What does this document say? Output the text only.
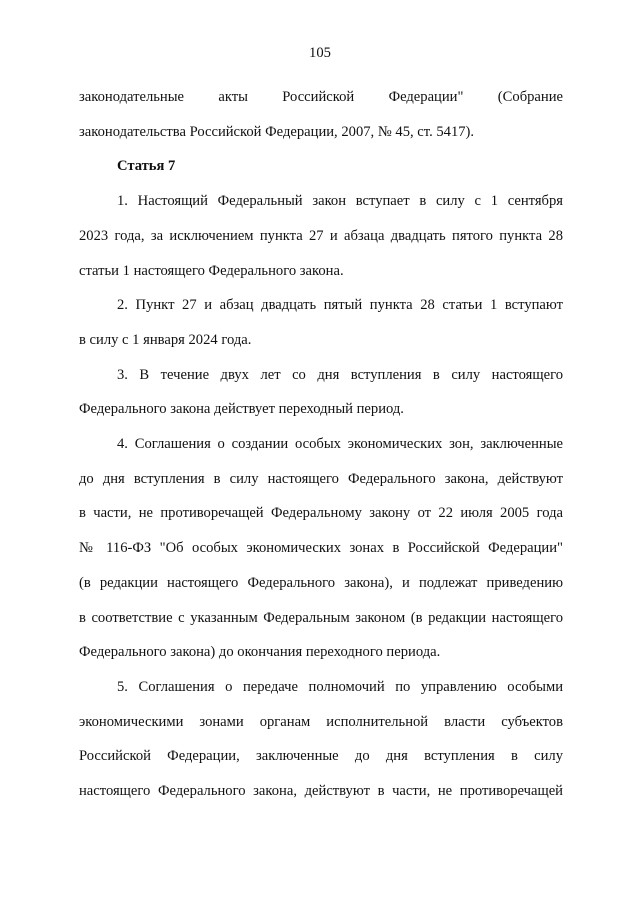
105
законодательные акты Российской Федерации" (Собрание
законодательства Российской Федерации, 2007, № 45, ст. 5417).
Статья 7
1. Настоящий Федеральный закон вступает в силу с 1 сентября
2023 года, за исключением пункта 27 и абзаца двадцать пятого пункта 28
статьи 1 настоящего Федерального закона.
2. Пункт 27 и абзац двадцать пятый пункта 28 статьи 1 вступают
в силу с 1 января 2024 года.
3. В течение двух лет со дня вступления в силу настоящего
Федерального закона действует переходный период.
4. Соглашения о создании особых экономических зон, заключенные
до дня вступления в силу настоящего Федерального закона, действуют
в части, не противоречащей Федеральному закону от 22 июля 2005 года
№ 116-ФЗ "Об особых экономических зонах в Российской Федерации"
(в редакции настоящего Федерального закона), и подлежат приведению
в соответствие с указанным Федеральным законом (в редакции настоящего
Федерального закона) до окончания переходного периода.
5. Соглашения о передаче полномочий по управлению особыми
экономическими зонами органам исполнительной власти субъектов
Российской Федерации, заключенные до дня вступления в силу
настоящего Федерального закона, действуют в части, не противоречащей
